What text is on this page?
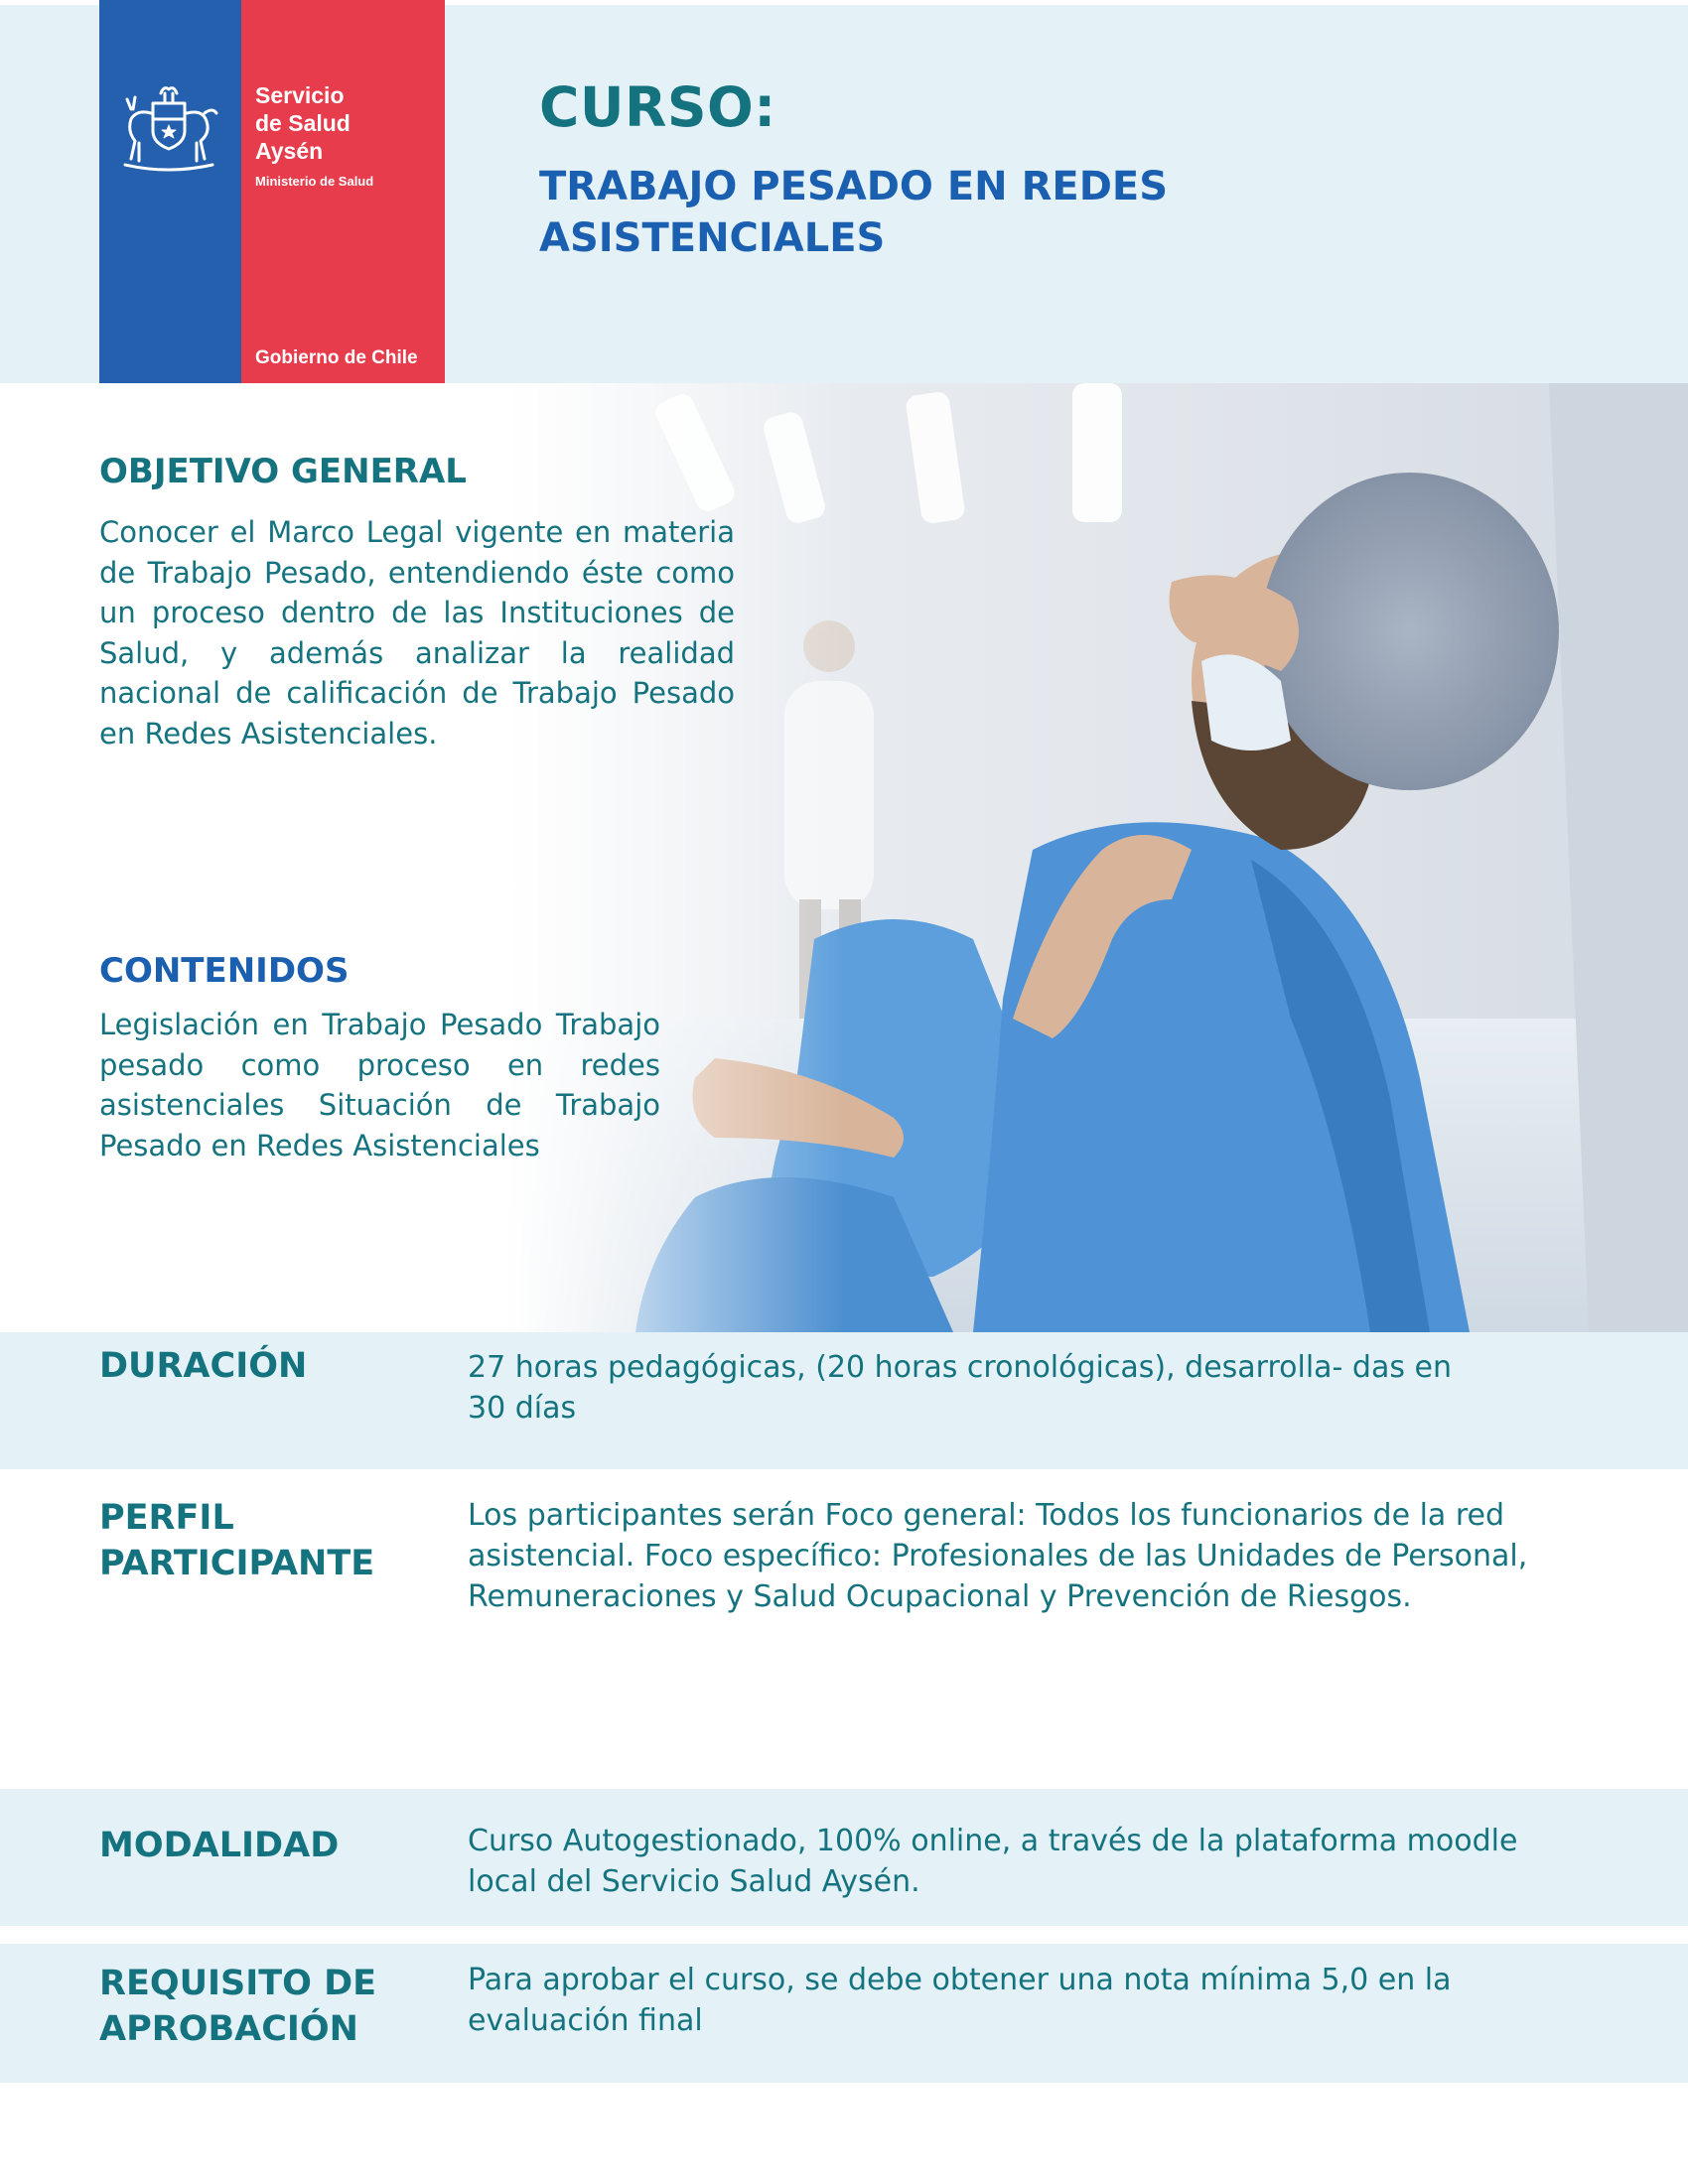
Servicio
de Salud
Aysén
Ministerio de Salud
Gobierno de Chile
CURSO:
TRABAJO PESADO EN REDES ASISTENCIALES
OBJETIVO GENERAL
Conocer el Marco Legal vigente en materia de Trabajo Pesado, entendiendo éste como un proceso dentro de las Instituciones de Salud, y además analizar la realidad nacional de calificación de Trabajo Pesado en Redes Asistenciales.
CONTENIDOS
Legislación en Trabajo Pesado Trabajo pesado como proceso en redes asistenciales Situación de Trabajo Pesado en Redes Asistenciales
DURACIÓN	27 horas pedagógicas, (20 horas cronológicas), desarrolla- das en 30 días
PERFIL
PARTICIPANTE
Los participantes serán Foco general: Todos los funcionarios de la red asistencial. Foco específico: Profesionales de las Unidades de Personal, Remuneraciones y Salud Ocupacional y Prevención de Riesgos.
MODALIDAD	Curso Autogestionado, 100% online, a través de la plataforma moodle local del Servicio Salud Aysén.
REQUISITO DE
APROBACIÓN
Para aprobar el curso, se debe obtener una nota mínima 5,0 en la evaluación final
